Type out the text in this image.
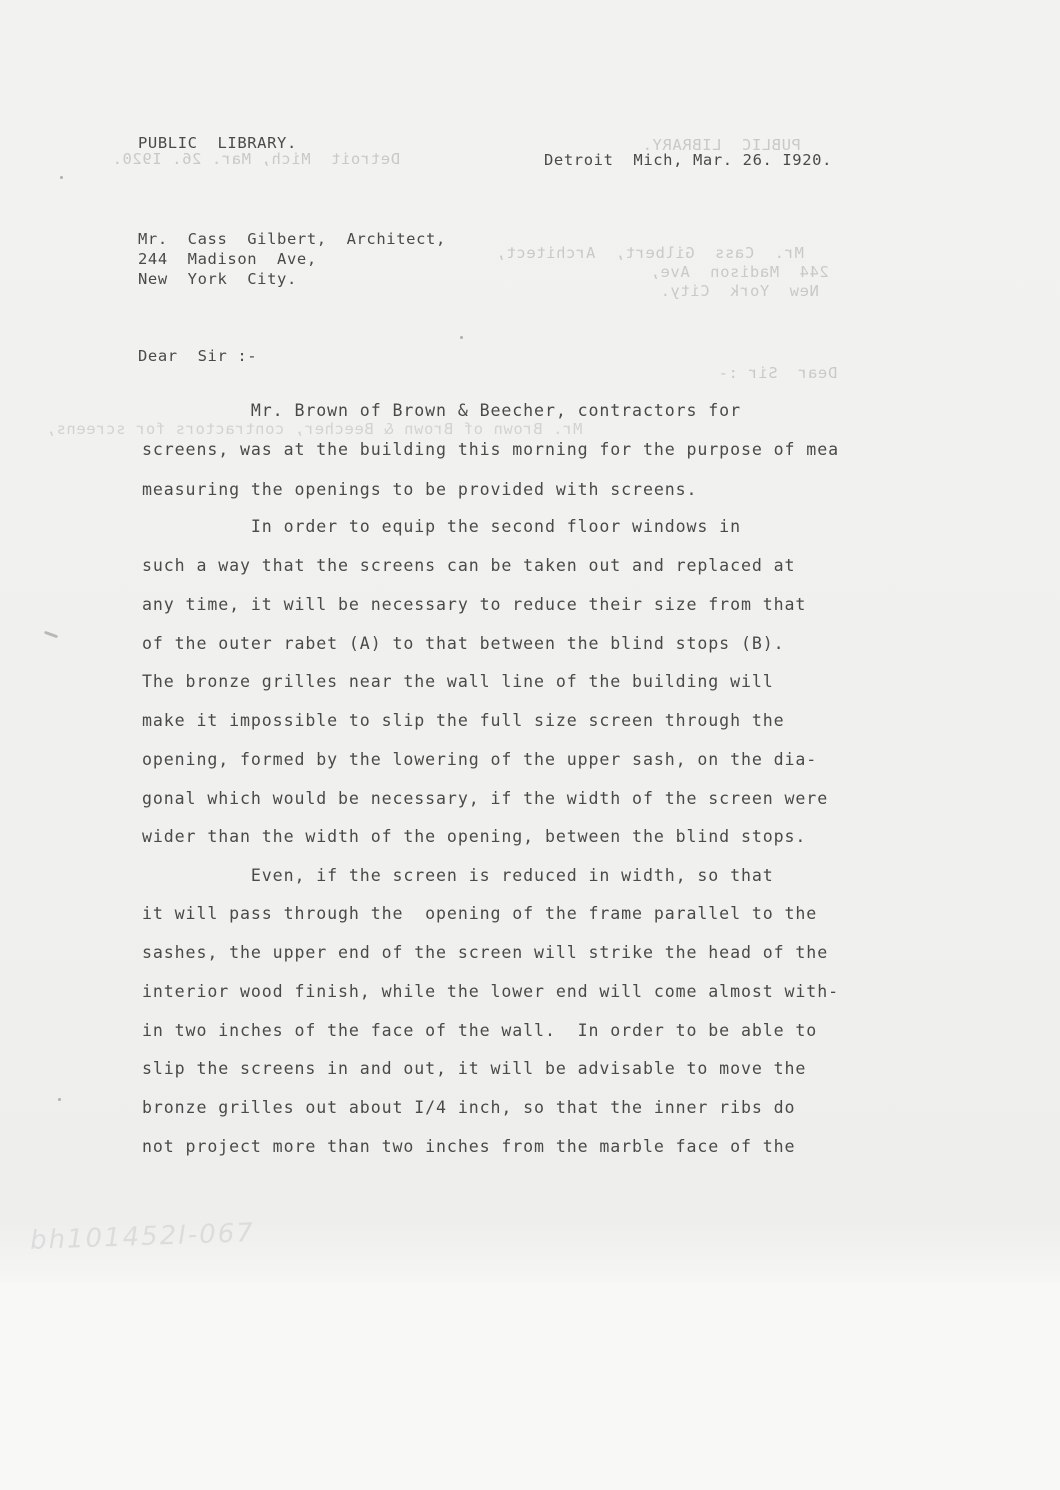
PUBLIC  LIBRARY.
Detroit  Mich, Mar. 26. I920.
Mr.  Cass  Gilbert,  Architect,
244  Madison  Ave,
New  York  City.
Dear  Sir :-
Mr. Brown of Brown & Beecher, contractors for screens,
PUBLIC  LIBRARY.
Detroit  Mich, Mar. 26. I920.
Mr.  Cass  Gilbert,  Architect,
244  Madison  Ave,
New  York  City.
Dear  Sir :-
Mr. Brown of Brown & Beecher, contractors for
screens, was at the building this morning for the purpose of mea
measuring the openings to be provided with screens.
In order to equip the second floor windows in
such a way that the screens can be taken out and replaced at
any time, it will be necessary to reduce their size from that
of the outer rabet (A) to that between the blind stops (B).
The bronze grilles near the wall line of the building will
make it impossible to slip the full size screen through the
opening, formed by the lowering of the upper sash, on the dia-
gonal which would be necessary, if the width of the screen were
wider than the width of the opening, between the blind stops.
Even, if the screen is reduced in width, so that
it will pass through the  opening of the frame parallel to the
sashes, the upper end of the screen will strike the head of the
interior wood finish, while the lower end will come almost with-
in two inches of the face of the wall.  In order to be able to
slip the screens in and out, it will be advisable to move the
bronze grilles out about I/4 inch, so that the inner ribs do
not project more than two inches from the marble face of the
bh101452I-067
